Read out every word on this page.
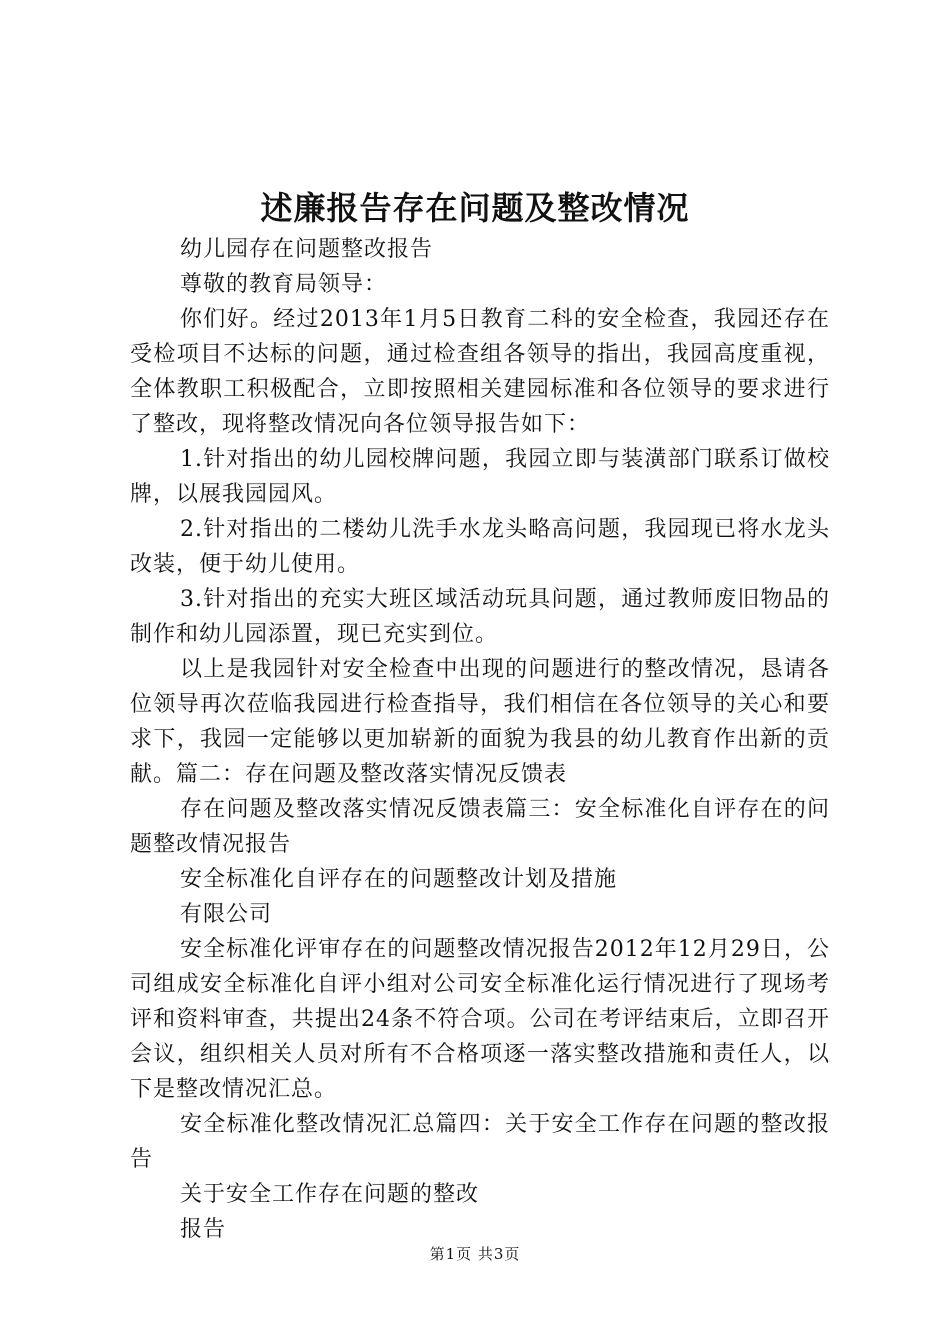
述廉报告存在问题及整改情况

幼儿园存在问题整改报告

尊敬的教育局领导：

你们好。经过2013年1月5日教育二科的安全检查，我园还存在受检项目不达标的问题，通过检查组各领导的指出，我园高度重视，全体教职工积极配合，立即按照相关建园标准和各位领导的要求进行了整改，现将整改情况向各位领导报告如下：

1.针对指出的幼儿园校牌问题，我园立即与装潢部门联系订做校牌，以展我园园风。

2.针对指出的二楼幼儿洗手水龙头略高问题，我园现已将水龙头改装，便于幼儿使用。

3.针对指出的充实大班区域活动玩具问题，通过教师废旧物品的制作和幼儿园添置，现已充实到位。

以上是我园针对安全检查中出现的问题进行的整改情况，恳请各位领导再次莅临我园进行检查指导，我们相信在各位领导的关心和要求下，我园一定能够以更加崭新的面貌为我县的幼儿教育作出新的贡献。篇二：存在问题及整改落实情况反馈表

存在问题及整改落实情况反馈表篇三：安全标准化自评存在的问题整改情况报告

安全标准化自评存在的问题整改计划及措施

有限公司

安全标准化评审存在的问题整改情况报告2012年12月29日，公司组成安全标准化自评小组对公司安全标准化运行情况进行了现场考评和资料审查，共提出24条不符合项。公司在考评结束后，立即召开会议，组织相关人员对所有不合格项逐一落实整改措施和责任人，以下是整改情况汇总。

安全标准化整改情况汇总篇四：关于安全工作存在问题的整改报告

关于安全工作存在问题的整改

报告

第1页 共3页
